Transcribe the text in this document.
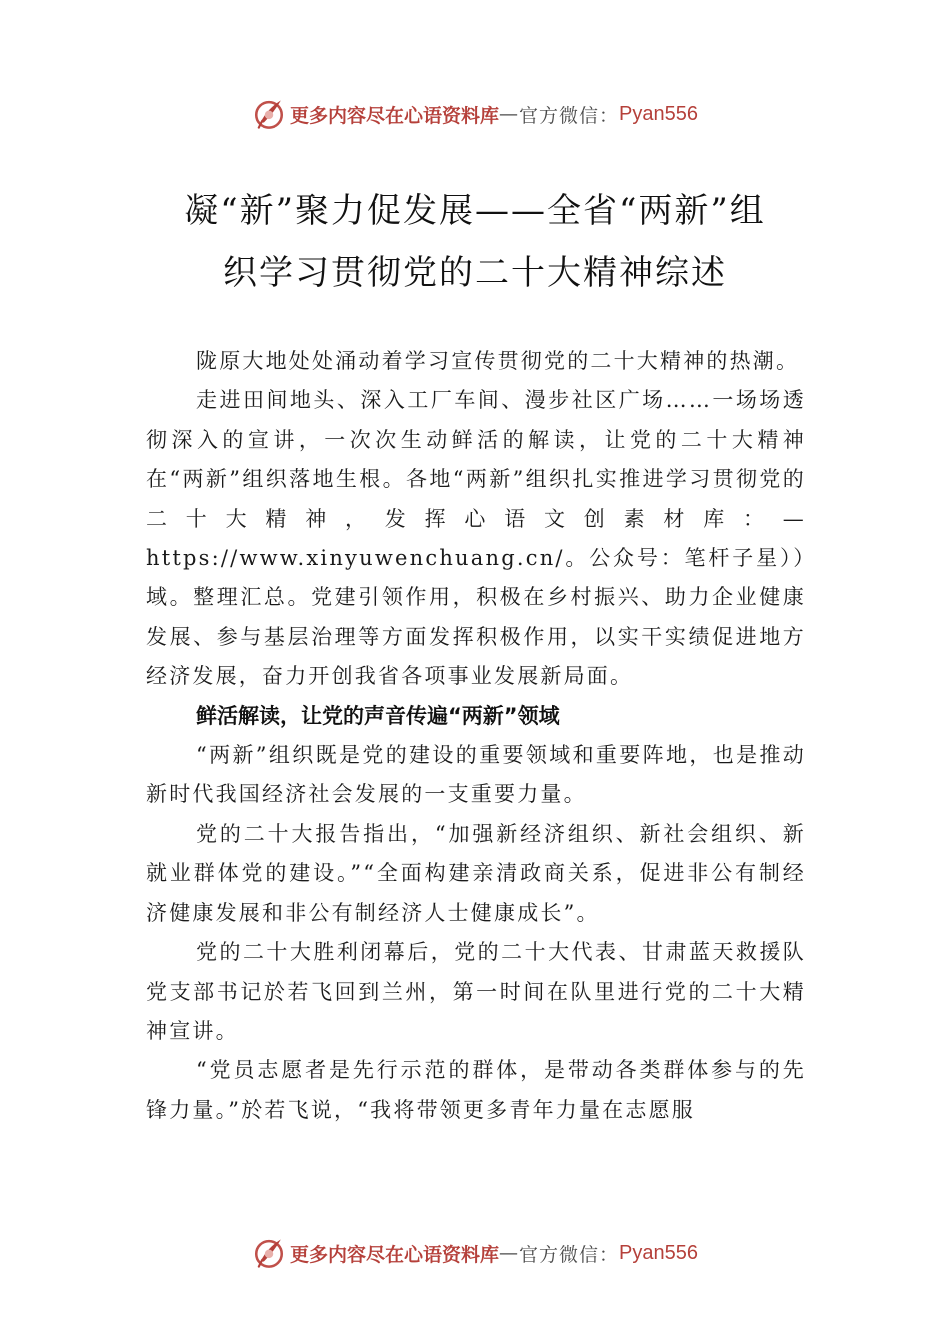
更多内容尽在心语资料库 — 官方微信： Pyan556
凝“新”聚力促发展——全省“两新”组
织学习贯彻党的二十大精神综述

陇原大地处处涌动着学习宣传贯彻党的二十大精神的热潮。

走进田间地头、深入工厂车间、漫步社区广场……一场场透彻深入的宣讲，一次次生动鲜活的解读，让党的二十大精神在“两新”组织落地生根。各地“两新”组织扎实推进学习贯彻党的二十大精神，发挥心语文创素材库：—https://www.xinyuwenchuang.cn/。公众号：笔杆子星））域。整理汇总。党建引领作用，积极在乡村振兴、助力企业健康发展、参与基层治理等方面发挥积极作用，以实干实绩促进地方经济发展，奋力开创我省各项事业发展新局面。

鲜活解读，让党的声音传遍“两新”领域

“两新”组织既是党的建设的重要领域和重要阵地，也是推动新时代我国经济社会发展的一支重要力量。

党的二十大报告指出，“加强新经济组织、新社会组织、新就业群体党的建设。”“全面构建亲清政商关系，促进非公有制经济健康发展和非公有制经济人士健康成长”。

党的二十大胜利闭幕后，党的二十大代表、甘肃蓝天救援队党支部书记於若飞回到兰州，第一时间在队里进行党的二十大精神宣讲。

“党员志愿者是先行示范的群体，是带动各类群体参与的先锋力量。”於若飞说，“我将带领更多青年力量在志愿服

更多内容尽在心语资料库 — 官方微信： Pyan556
